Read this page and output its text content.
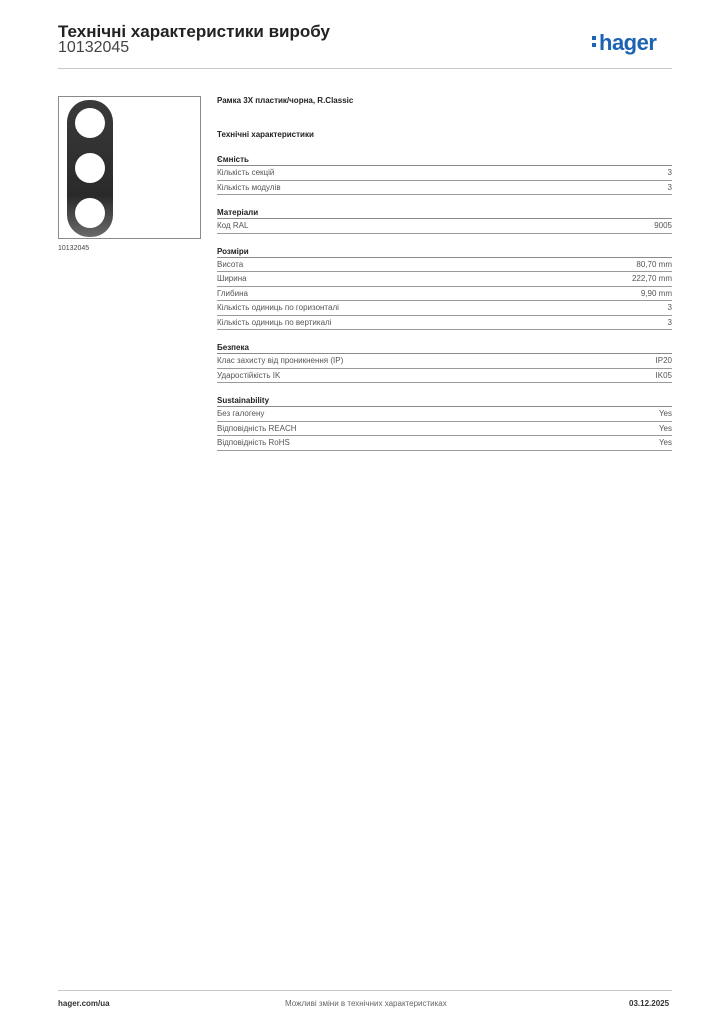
Технічні характеристики виробу
10132045	hager
10132045
Рамка 3Х пластик/чорна, R.Classic
Технічні характеристики
Ємність
Кількість секцій	3
Кількість модулів	3
Матеріали
Код RAL	9005
Розміри
Висота	80,70 mm
Ширина	222,70 mm
Глибина	9,90 mm
Кількість одиниць по горизонталі	3
Кількість одиниць по вертикалі	3
Безпека
Клас захисту від проникнення (IP)	IP20
Ударостійкість IK	IK05
Sustainability
Без галогену	Yes
Відповідність REACH	Yes
Відповідність RoHS	Yes
hager.com/ua	Можливі зміни в технічних характеристиках	03.12.2025
